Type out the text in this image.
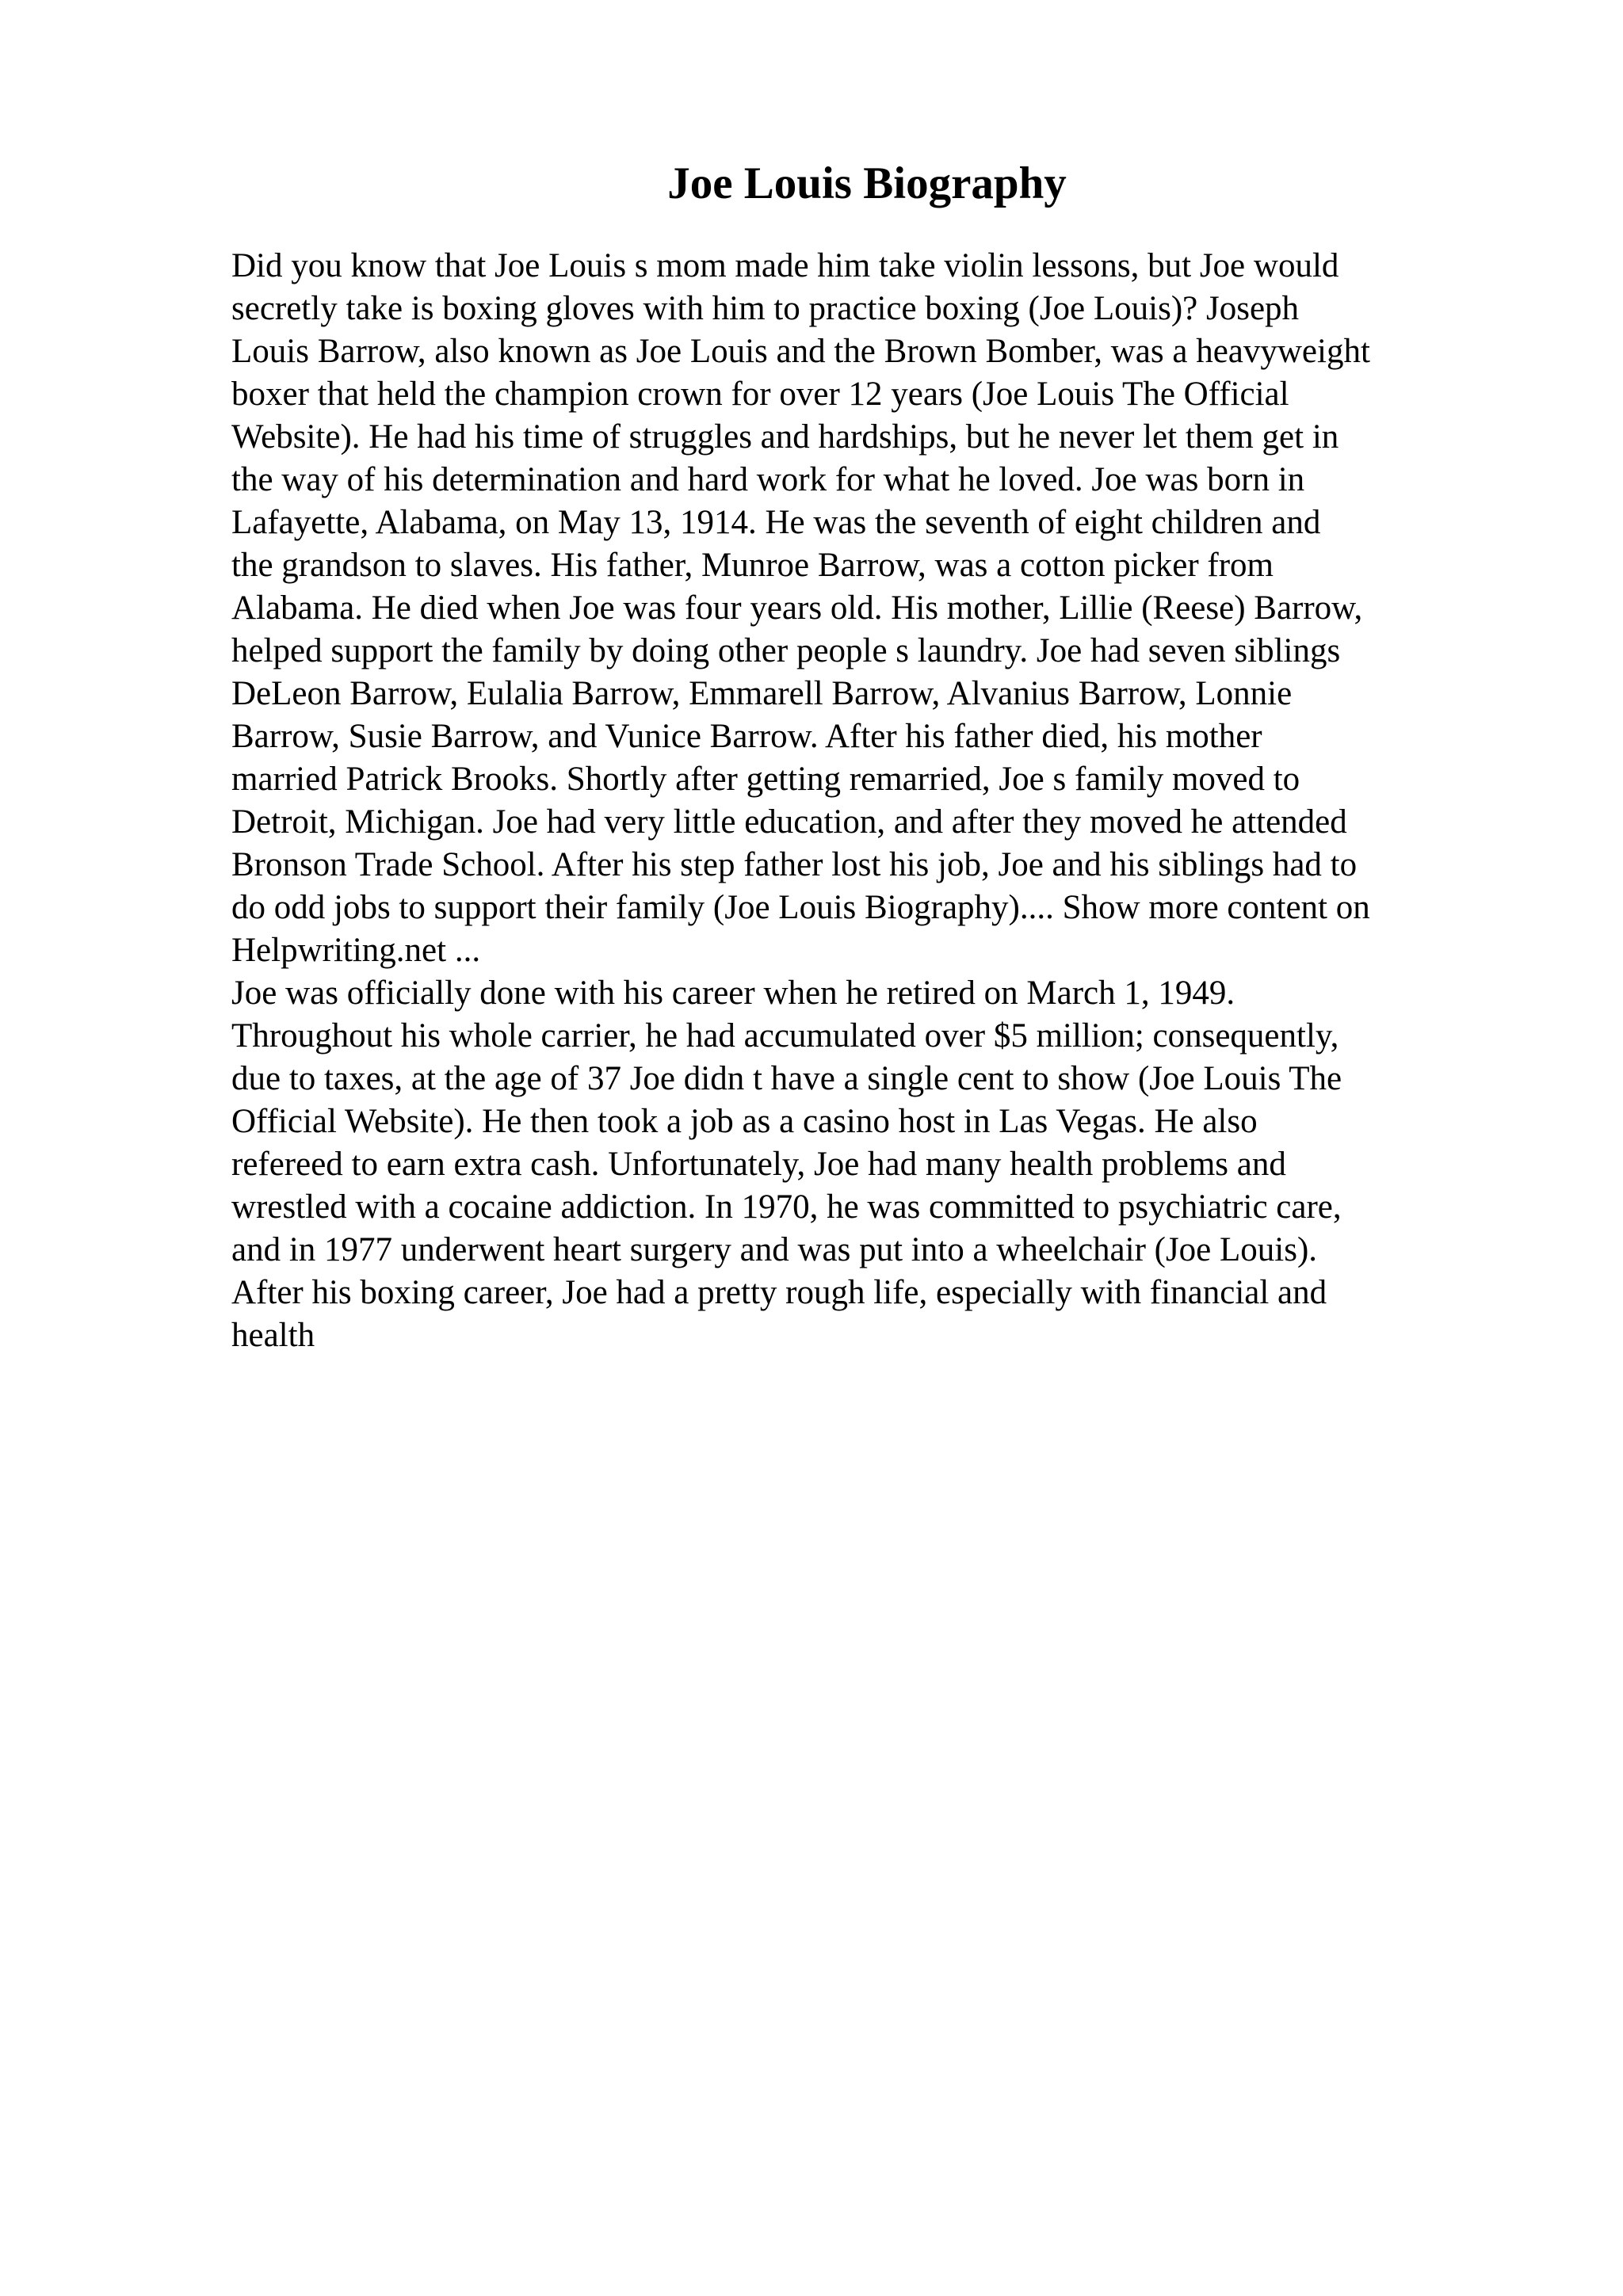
Joe Louis Biography
Did you know that Joe Louis s mom made him take violin lessons, but Joe would
secretly take is boxing gloves with him to practice boxing (Joe Louis)? Joseph
Louis Barrow, also known as Joe Louis and the Brown Bomber, was a heavyweight
boxer that held the champion crown for over 12 years (Joe Louis The Official
Website). He had his time of struggles and hardships, but he never let them get in
the way of his determination and hard work for what he loved. Joe was born in
Lafayette, Alabama, on May 13, 1914. He was the seventh of eight children and
the grandson to slaves. His father, Munroe Barrow, was a cotton picker from
Alabama. He died when Joe was four years old. His mother, Lillie (Reese) Barrow,
helped support the family by doing other people s laundry. Joe had seven siblings
DeLeon Barrow, Eulalia Barrow, Emmarell Barrow, Alvanius Barrow, Lonnie
Barrow, Susie Barrow, and Vunice Barrow. After his father died, his mother
married Patrick Brooks. Shortly after getting remarried, Joe s family moved to
Detroit, Michigan. Joe had very little education, and after they moved he attended
Bronson Trade School. After his step father lost his job, Joe and his siblings had to
do odd jobs to support their family (Joe Louis Biography).... Show more content on
Helpwriting.net ...
Joe was officially done with his career when he retired on March 1, 1949.
Throughout his whole carrier, he had accumulated over $5 million; consequently,
due to taxes, at the age of 37 Joe didn t have a single cent to show (Joe Louis The
Official Website). He then took a job as a casino host in Las Vegas. He also
refereed to earn extra cash. Unfortunately, Joe had many health problems and
wrestled with a cocaine addiction. In 1970, he was committed to psychiatric care,
and in 1977 underwent heart surgery and was put into a wheelchair (Joe Louis).
After his boxing career, Joe had a pretty rough life, especially with financial and
health
